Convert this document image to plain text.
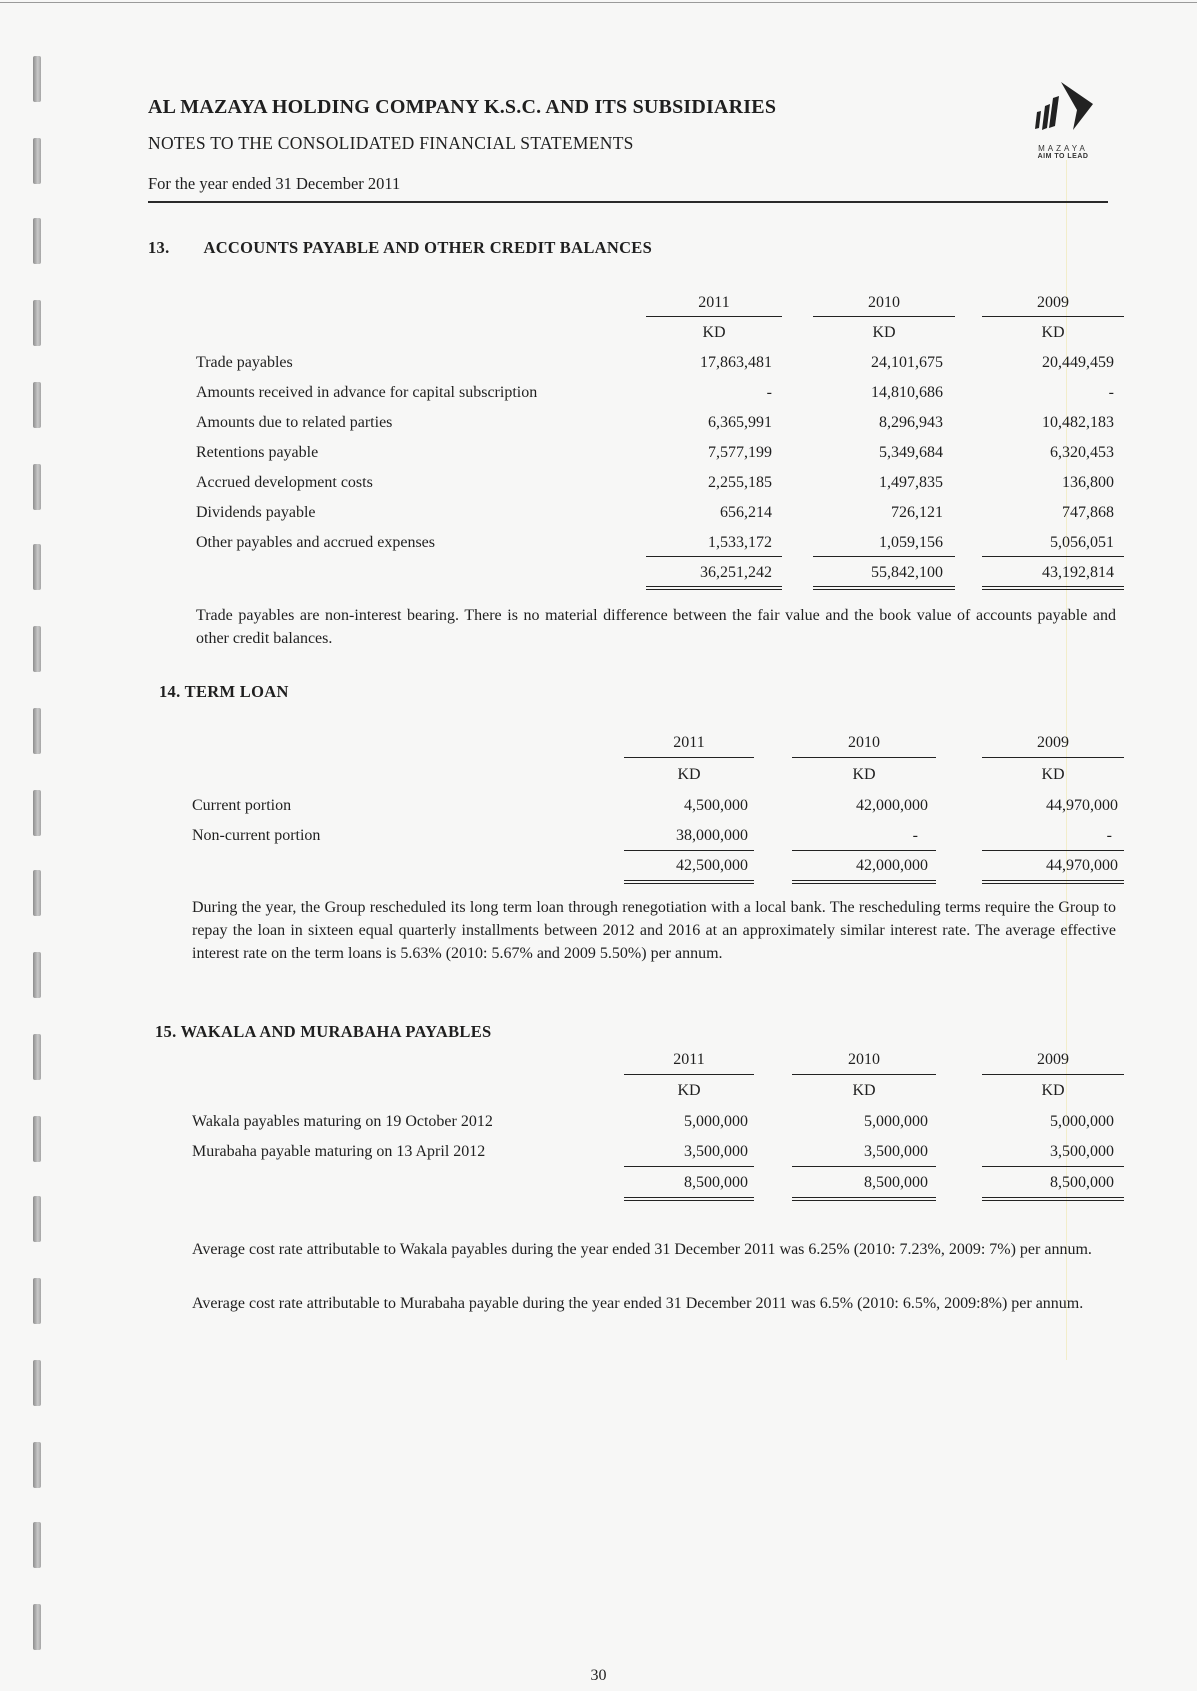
AL MAZAYA HOLDING COMPANY K.S.C. AND ITS SUBSIDIARIES
NOTES TO THE CONSOLIDATED FINANCIAL STATEMENTS
For the year ended 31 December 2011
MAZAYA
AIM TO LEAD
13. ACCOUNTS PAYABLE AND OTHER CREDIT BALANCES
2011	2010	2009
KD	KD	KD
Trade payables	17,863,481	24,101,675	20,449,459
Amounts received in advance for capital subscription	-	14,810,686	-
Amounts due to related parties	6,365,991	8,296,943	10,482,183
Retentions payable	7,577,199	5,349,684	6,320,453
Accrued development costs	2,255,185	1,497,835	136,800
Dividends payable	656,214	726,121	747,868
Other payables and accrued expenses	1,533,172	1,059,156	5,056,051
36,251,242	55,842,100	43,192,814
Trade payables are non-interest bearing. There is no material difference between the fair value and the book value of accounts payable and other credit balances.
14. TERM LOAN
2011	2010	2009
KD	KD	KD
Current portion	4,500,000	42,000,000	44,970,000
Non-current portion	38,000,000	-	-
42,500,000	42,000,000	44,970,000
During the year, the Group rescheduled its long term loan through renegotiation with a local bank. The rescheduling terms require the Group to repay the loan in sixteen equal quarterly installments between 2012 and 2016 at an approximately similar interest rate. The average effective interest rate on the term loans is 5.63% (2010: 5.67% and 2009 5.50%) per annum.
15. WAKALA AND MURABAHA PAYABLES
2011	2010	2009
KD	KD	KD
Wakala payables maturing on 19 October 2012	5,000,000	5,000,000	5,000,000
Murabaha payable maturing on 13 April 2012	3,500,000	3,500,000	3,500,000
8,500,000	8,500,000	8,500,000
Average cost rate attributable to Wakala payables during the year ended 31 December 2011 was 6.25% (2010: 7.23%, 2009: 7%) per annum.
Average cost rate attributable to Murabaha payable during the year ended 31 December 2011 was 6.5% (2010: 6.5%, 2009:8%) per annum.
30
